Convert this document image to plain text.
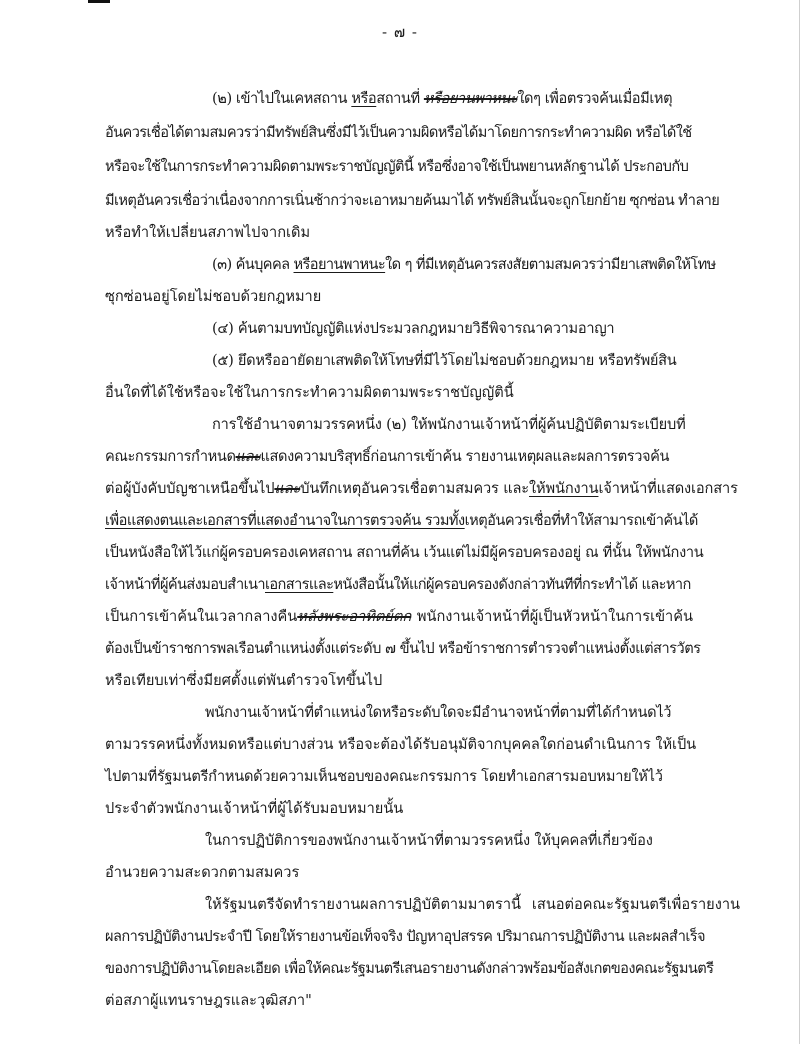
- ๗ -
(๒) เข้าไปในเคหสถาน หรือสถานที่ หรือยานพาหนะใดๆ เพื่อตรวจค้นเมื่อมีเหตุ
อันควรเชื่อได้ตามสมควรว่ามีทรัพย์สินซึ่งมีไว้เป็นความผิดหรือได้มาโดยการกระทำความผิด หรือได้ใช้
หรือจะใช้ในการกระทำความผิดตามพระราชบัญญัตินี้ หรือซึ่งอาจใช้เป็นพยานหลักฐานได้ ประกอบกับ
มีเหตุอันควรเชื่อว่าเนื่องจากการเนิ่นช้ากว่าจะเอาหมายค้นมาได้ ทรัพย์สินนั้นจะถูกโยกย้าย ซุกซ่อน ทำลาย
หรือทำให้เปลี่ยนสภาพไปจากเดิม
(๓) ค้นบุคคล หรือยานพาหนะใด ๆ ที่มีเหตุอันควรสงสัยตามสมควรว่ามียาเสพติดให้โทษ
ซุกซ่อนอยู่โดยไม่ชอบด้วยกฎหมาย
(๔) ค้นตามบทบัญญัติแห่งประมวลกฎหมายวิธีพิจารณาความอาญา
(๕) ยึดหรืออายัดยาเสพติดให้โทษที่มีไว้โดยไม่ชอบด้วยกฎหมาย หรือทรัพย์สิน
อื่นใดที่ได้ใช้หรือจะใช้ในการกระทำความผิดตามพระราชบัญญัตินี้
การใช้อำนาจตามวรรคหนึ่ง (๒) ให้พนักงานเจ้าหน้าที่ผู้ค้นปฏิบัติตามระเบียบที่
คณะกรรมการกำหนดและแสดงความบริสุทธิ์ก่อนการเข้าค้น รายงานเหตุผลและผลการตรวจค้น
ต่อผู้บังคับบัญชาเหนือขึ้นไปและบันทึกเหตุอันควรเชื่อตามสมควร และให้พนักงานเจ้าหน้าที่แสดงเอกสาร
เพื่อแสดงตนและเอกสารที่แสดงอำนาจในการตรวจค้น รวมทั้งเหตุอันควรเชื่อที่ทำให้สามารถเข้าค้นได้
เป็นหนังสือให้ไว้แก่ผู้ครอบครองเคหสถาน สถานที่ค้น เว้นแต่ไม่มีผู้ครอบครองอยู่ ณ ที่นั้น ให้พนักงาน
เจ้าหน้าที่ผู้ค้นส่งมอบสำเนาเอกสารและหนังสือนั้นให้แก่ผู้ครอบครองดังกล่าวทันทีที่กระทำได้ และหาก
เป็นการเข้าค้นในเวลากลางคืนหลังพระอาทิตย์ตก พนักงานเจ้าหน้าที่ผู้เป็นหัวหน้าในการเข้าค้น
ต้องเป็นข้าราชการพลเรือนตำแหน่งตั้งแต่ระดับ ๗ ขึ้นไป หรือข้าราชการตำรวจตำแหน่งตั้งแต่สารวัตร
หรือเทียบเท่าซึ่งมียศตั้งแต่พันตำรวจโทขึ้นไป
พนักงานเจ้าหน้าที่ตำแหน่งใดหรือระดับใดจะมีอำนาจหน้าที่ตามที่ได้กำหนดไว้
ตามวรรคหนึ่งทั้งหมดหรือแต่บางส่วน หรือจะต้องได้รับอนุมัติจากบุคคลใดก่อนดำเนินการ ให้เป็น
ไปตามที่รัฐมนตรีกำหนดด้วยความเห็นชอบของคณะกรรมการ โดยทำเอกสารมอบหมายให้ไว้
ประจำตัวพนักงานเจ้าหน้าที่ผู้ได้รับมอบหมายนั้น
ในการปฏิบัติการของพนักงานเจ้าหน้าที่ตามวรรคหนึ่ง ให้บุคคลที่เกี่ยวข้อง
อำนวยความสะดวกตามสมควร
ให้รัฐมนตรีจัดทำรายงานผลการปฏิบัติตามมาตรานี้ เสนอต่อคณะรัฐมนตรีเพื่อรายงาน
ผลการปฏิบัติงานประจำปี โดยให้รายงานข้อเท็จจริง ปัญหาอุปสรรค ปริมาณการปฏิบัติงาน และผลสำเร็จ
ของการปฏิบัติงานโดยละเอียด เพื่อให้คณะรัฐมนตรีเสนอรายงานดังกล่าวพร้อมข้อสังเกตของคณะรัฐมนตรี
ต่อสภาผู้แทนราษฎรและวุฒิสภา"
